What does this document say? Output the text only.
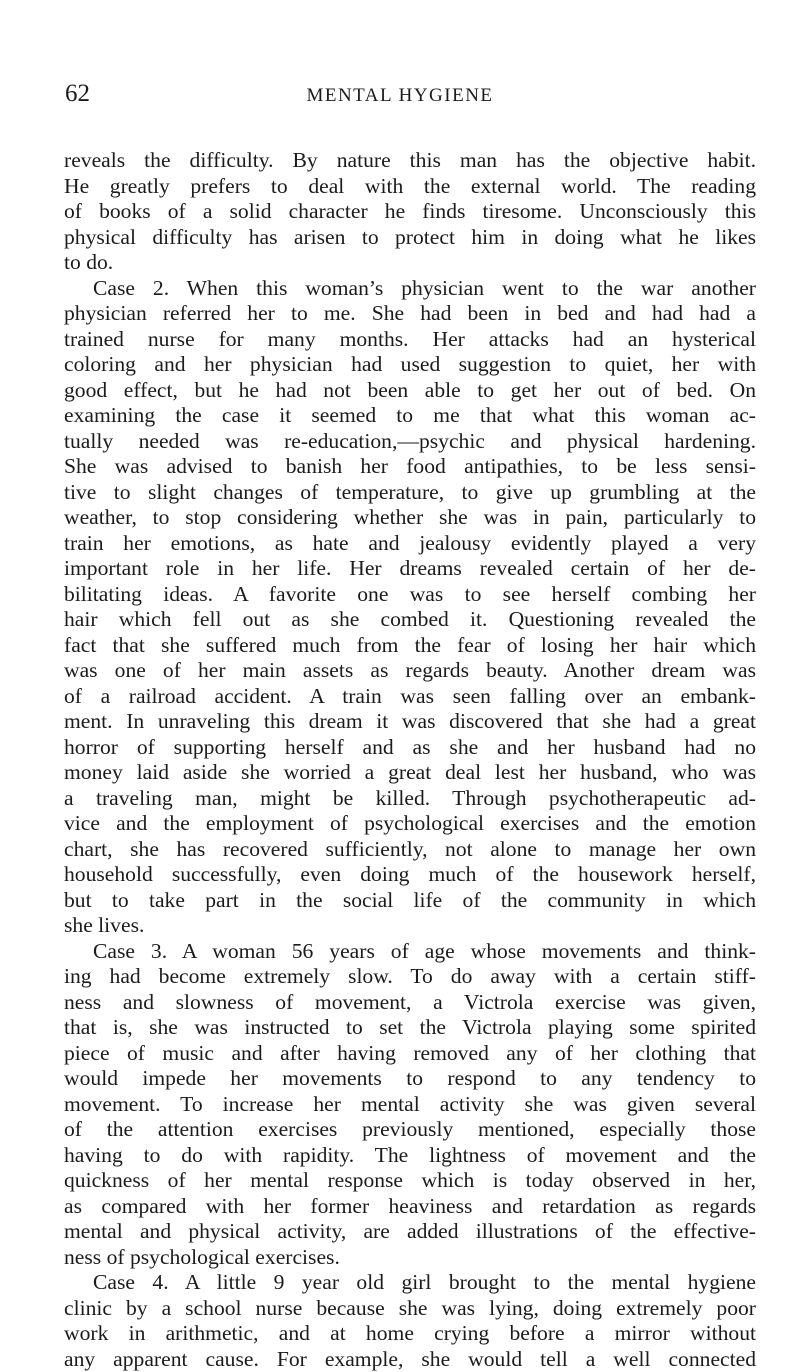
62	MENTAL HYGIENE
reveals the difficulty. By nature this man has the objective habit.
He greatly prefers to deal with the external world. The reading
of books of a solid character he finds tiresome. Unconsciously this
physical difficulty has arisen to protect him in doing what he likes
to do.
Case 2. When this woman’s physician went to the war another
physician referred her to me. She had been in bed and had had a
trained nurse for many months. Her attacks had an hysterical
coloring and her physician had used suggestion to quiet, her with
good effect, but he had not been able to get her out of bed. On
examining the case it seemed to me that what this woman ac-
tually needed was re-education,—psychic and physical hardening.
She was advised to banish her food antipathies, to be less sensi-
tive to slight changes of temperature, to give up grumbling at the
weather, to stop considering whether she was in pain, particularly to
train her emotions, as hate and jealousy evidently played a very
important role in her life. Her dreams revealed certain of her de-
bilitating ideas. A favorite one was to see herself combing her
hair which fell out as she combed it. Questioning revealed the
fact that she suffered much from the fear of losing her hair which
was one of her main assets as regards beauty. Another dream was
of a railroad accident. A train was seen falling over an embank-
ment. In unraveling this dream it was discovered that she had a great
horror of supporting herself and as she and her husband had no
money laid aside she worried a great deal lest her husband, who was
a traveling man, might be killed. Through psychotherapeutic ad-
vice and the employment of psychological exercises and the emotion
chart, she has recovered sufficiently, not alone to manage her own
household successfully, even doing much of the housework herself,
but to take part in the social life of the community in which
she lives.
Case 3. A woman 56 years of age whose movements and think-
ing had become extremely slow. To do away with a certain stiff-
ness and slowness of movement, a Victrola exercise was given,
that is, she was instructed to set the Victrola playing some spirited
piece of music and after having removed any of her clothing that
would impede her movements to respond to any tendency to
movement. To increase her mental activity she was given several
of the attention exercises previously mentioned, especially those
having to do with rapidity. The lightness of movement and the
quickness of her mental response which is today observed in her,
as compared with her former heaviness and retardation as regards
mental and physical activity, are added illustrations of the effective-
ness of psychological exercises.
Case 4. A little 9 year old girl brought to the mental hygiene
clinic by a school nurse because she was lying, doing extremely poor
work in arithmetic, and at home crying before a mirror without
any apparent cause. For example, she would tell a well connected
